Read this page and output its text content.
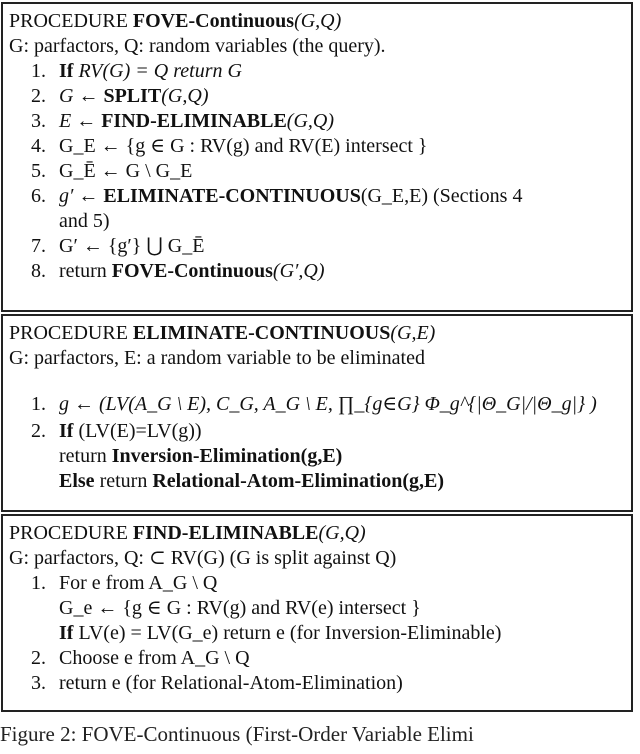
PROCEDURE FOVE-Continuous(G,Q)
G: parfactors, Q: random variables (the query).
1. If RV(G) = Q return G
2. G ← SPLIT(G,Q)
3. E ← FIND-ELIMINABLE(G,Q)
4. G_E ← {g ∈ G : RV(g) and RV(E) intersect }
5. G_Ē ← G \ G_E
6. g′ ← ELIMINATE-CONTINUOUS(G_E,E) (Sections 4
and 5)
7. G′ ← {g′} ⋃ G_Ē
8. return FOVE-Continuous(G′,Q)
PROCEDURE ELIMINATE-CONTINUOUS(G,E)
G: parfactors, E: a random variable to be eliminated
1. g ← (LV(A_G \ E), C_G, A_G \ E, ∏_{g∈G} Φ_g^{|Θ_G|/|Θ_g|} )
2. If (LV(E)=LV(g))
return Inversion-Elimination(g,E)
Else return Relational-Atom-Elimination(g,E)
PROCEDURE FIND-ELIMINABLE(G,Q)
G: parfactors, Q: ⊂ RV(G) (G is split against Q)
1. For e from A_G \ Q
G_e ← {g ∈ G : RV(g) and RV(e) intersect }
If LV(e) = LV(G_e) return e (for Inversion-Eliminable)
2. Choose e from A_G \ Q
3. return e (for Relational-Atom-Elimination)
Figure 2: FOVE-Continuous (First-Order Variable Elimi
